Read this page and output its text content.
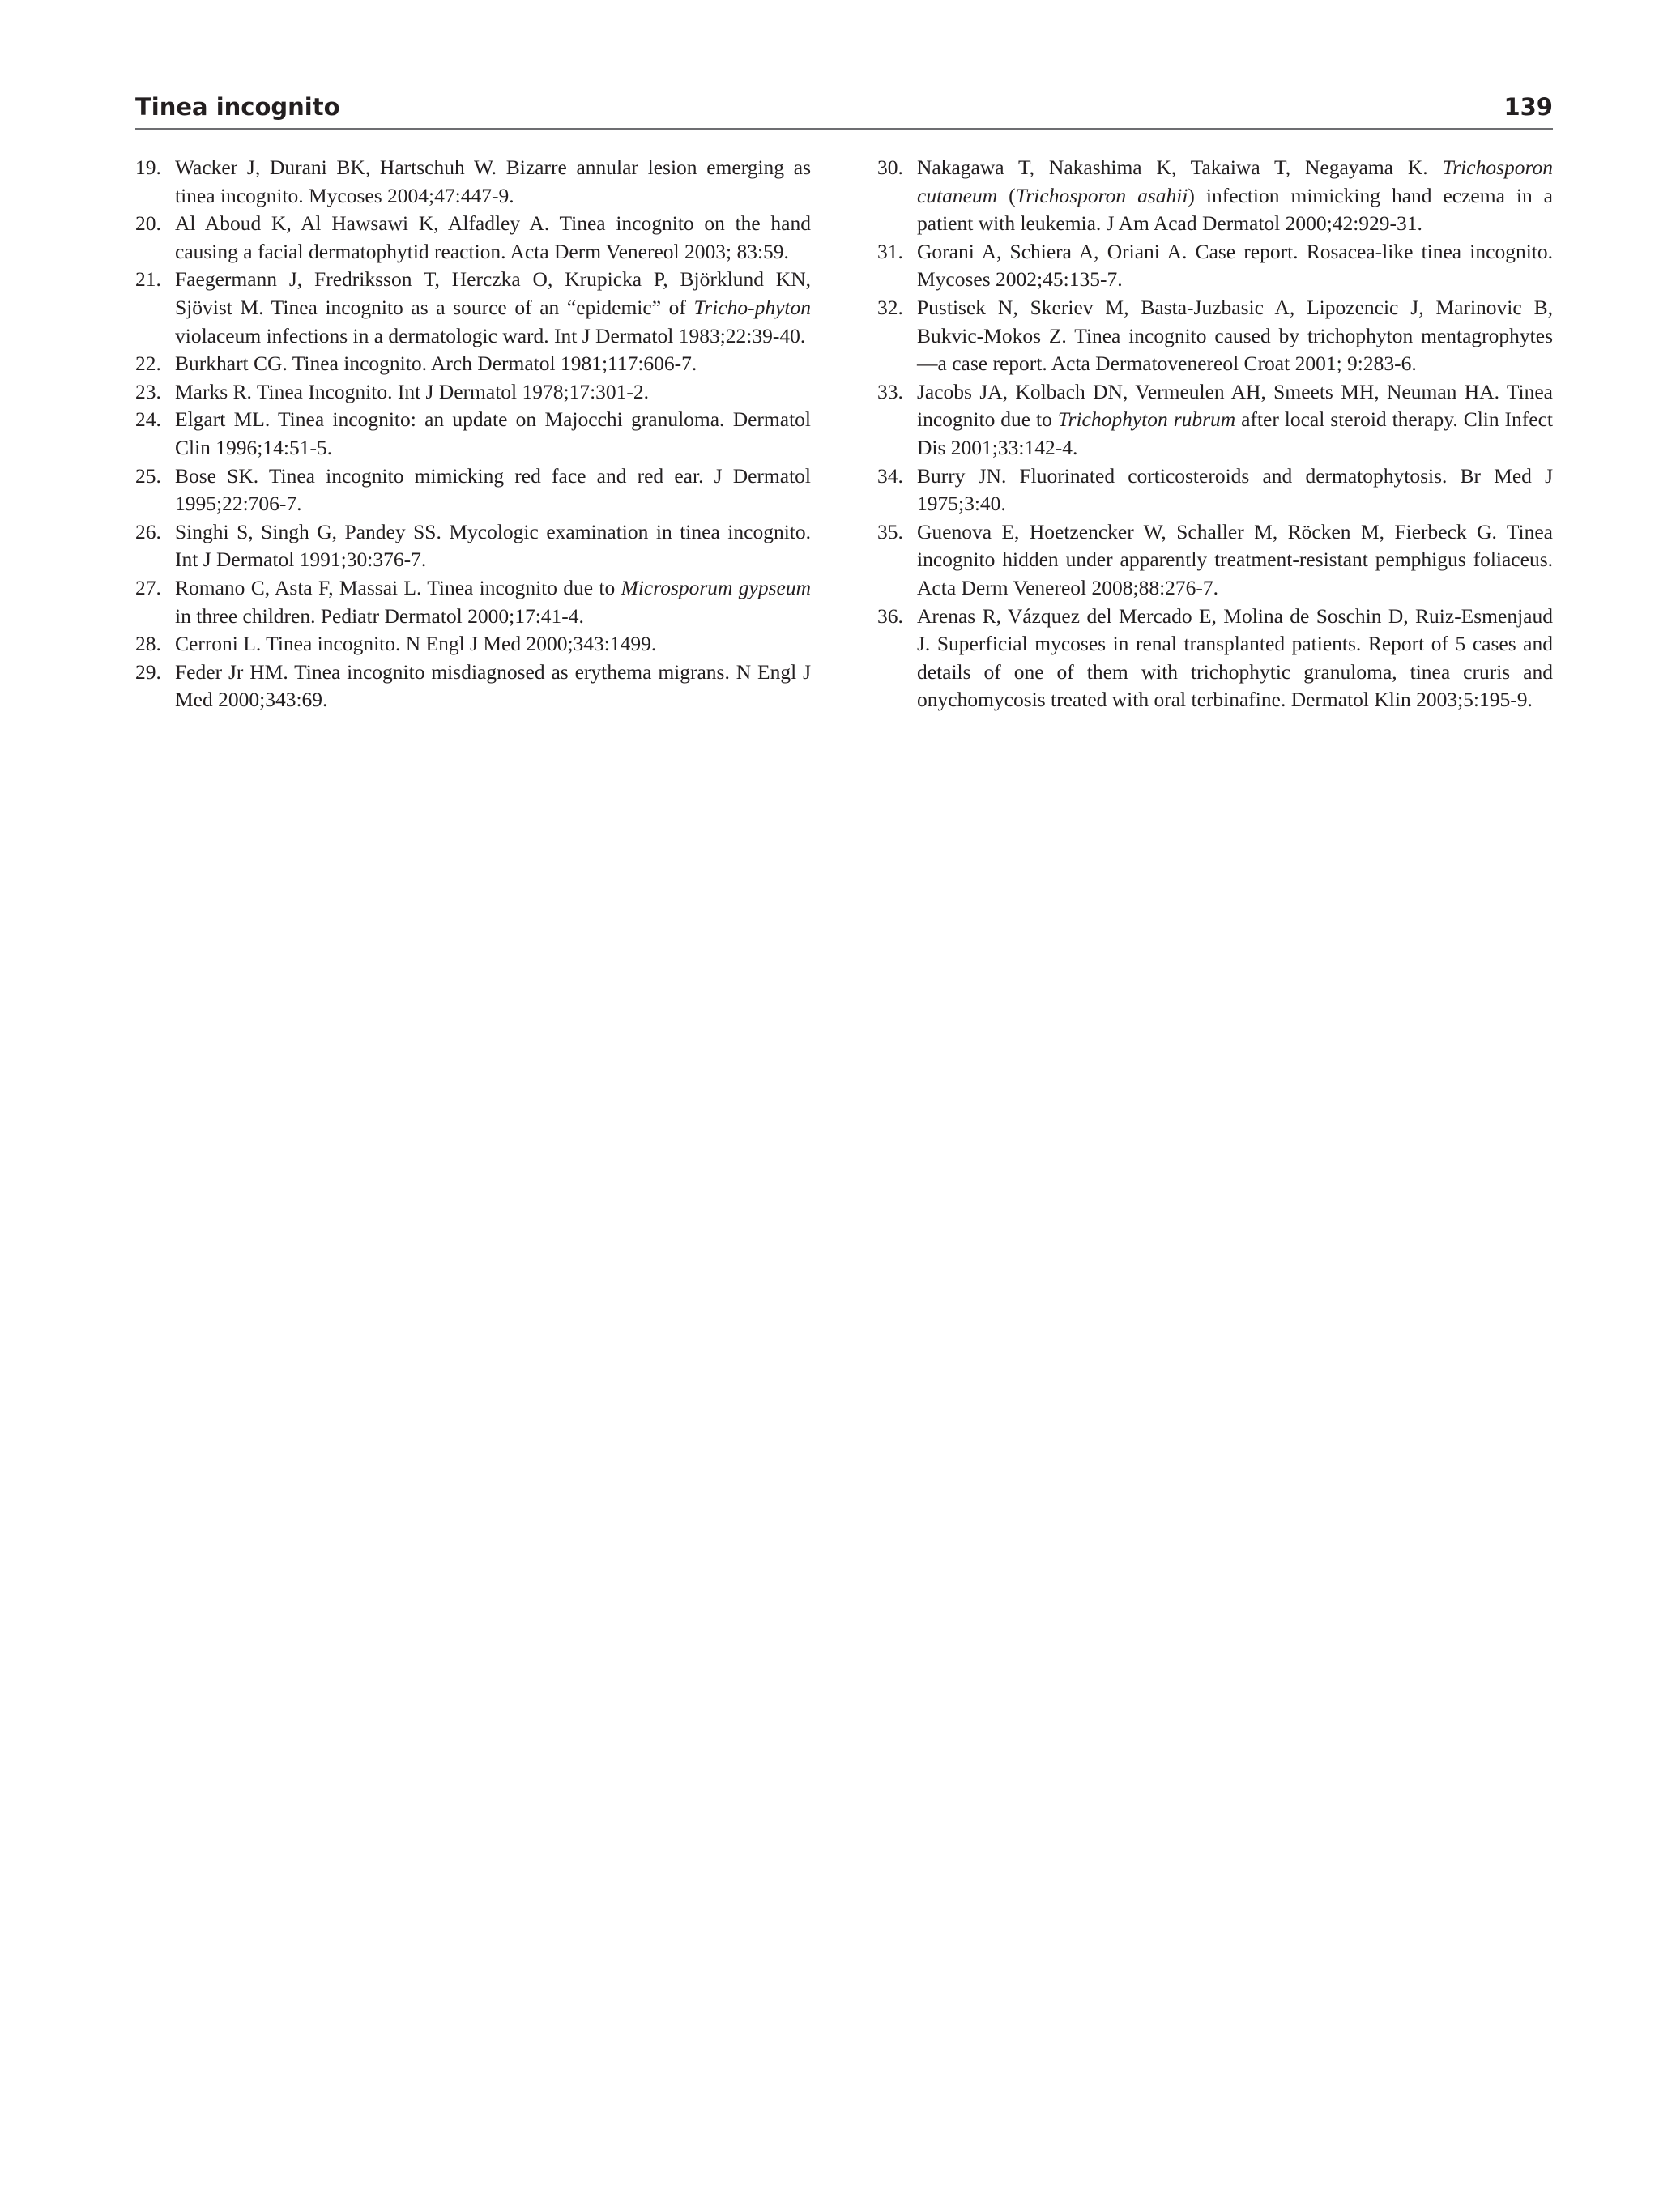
Tinea incognito	139

19. Wacker J, Durani BK, Hartschuh W. Bizarre annular lesion emerging as tinea incognito. Mycoses 2004;47:447-9.

20. Al Aboud K, Al Hawsawi K, Alfadley A. Tinea incognito on the hand causing a facial dermatophytid reaction. Acta Derm Venereol 2003; 83:59.

21. Faegermann J, Fredriksson T, Herczka O, Krupicka P, Björklund KN, Sjövist M. Tinea incognito as a source of an “epidemic” of Tricho-phyton violaceum infections in a dermatologic ward. Int J Dermatol 1983;22:39-40.

22. Burkhart CG. Tinea incognito. Arch Dermatol 1981;117:606-7.

23. Marks R. Tinea Incognito. Int J Dermatol 1978;17:301-2.

24. Elgart ML. Tinea incognito: an update on Majocchi granuloma. Dermatol Clin 1996;14:51-5.

25. Bose SK. Tinea incognito mimicking red face and red ear. J Dermatol 1995;22:706-7.

26. Singhi S, Singh G, Pandey SS. Mycologic examination in tinea incognito. Int J Dermatol 1991;30:376-7.

27. Romano C, Asta F, Massai L. Tinea incognito due to Microsporum gypseum in three children. Pediatr Dermatol 2000;17:41-4.

28. Cerroni L. Tinea incognito. N Engl J Med 2000;343:1499.

29. Feder Jr HM. Tinea incognito misdiagnosed as erythema migrans. N Engl J Med 2000;343:69.

30. Nakagawa T, Nakashima K, Takaiwa T, Negayama K. Trichosporon cutaneum (Trichosporon asahii) infection mimicking hand eczema in a patient with leukemia. J Am Acad Dermatol 2000;42:929-31.

31. Gorani A, Schiera A, Oriani A. Case report. Rosacea-like tinea incognito. Mycoses 2002;45:135-7.

32. Pustisek N, Skeriev M, Basta-Juzbasic A, Lipozencic J, Marinovic B, Bukvic-Mokos Z. Tinea incognito caused by trichophyton mentagrophytes—a case report. Acta Dermatovenereol Croat 2001; 9:283-6.

33. Jacobs JA, Kolbach DN, Vermeulen AH, Smeets MH, Neuman HA. Tinea incognito due to Trichophyton rubrum after local steroid therapy. Clin Infect Dis 2001;33:142-4.

34. Burry JN. Fluorinated corticosteroids and dermatophytosis. Br Med J 1975;3:40.

35. Guenova E, Hoetzencker W, Schaller M, Röcken M, Fierbeck G. Tinea incognito hidden under apparently treatment-resistant pemphigus foliaceus. Acta Derm Venereol 2008;88:276-7.

36. Arenas R, Vázquez del Mercado E, Molina de Soschin D, Ruiz-Esmenjaud J. Superficial mycoses in renal transplanted patients. Report of 5 cases and details of one of them with trichophytic granuloma, tinea cruris and onychomycosis treated with oral terbinafine. Dermatol Klin 2003;5:195-9.
